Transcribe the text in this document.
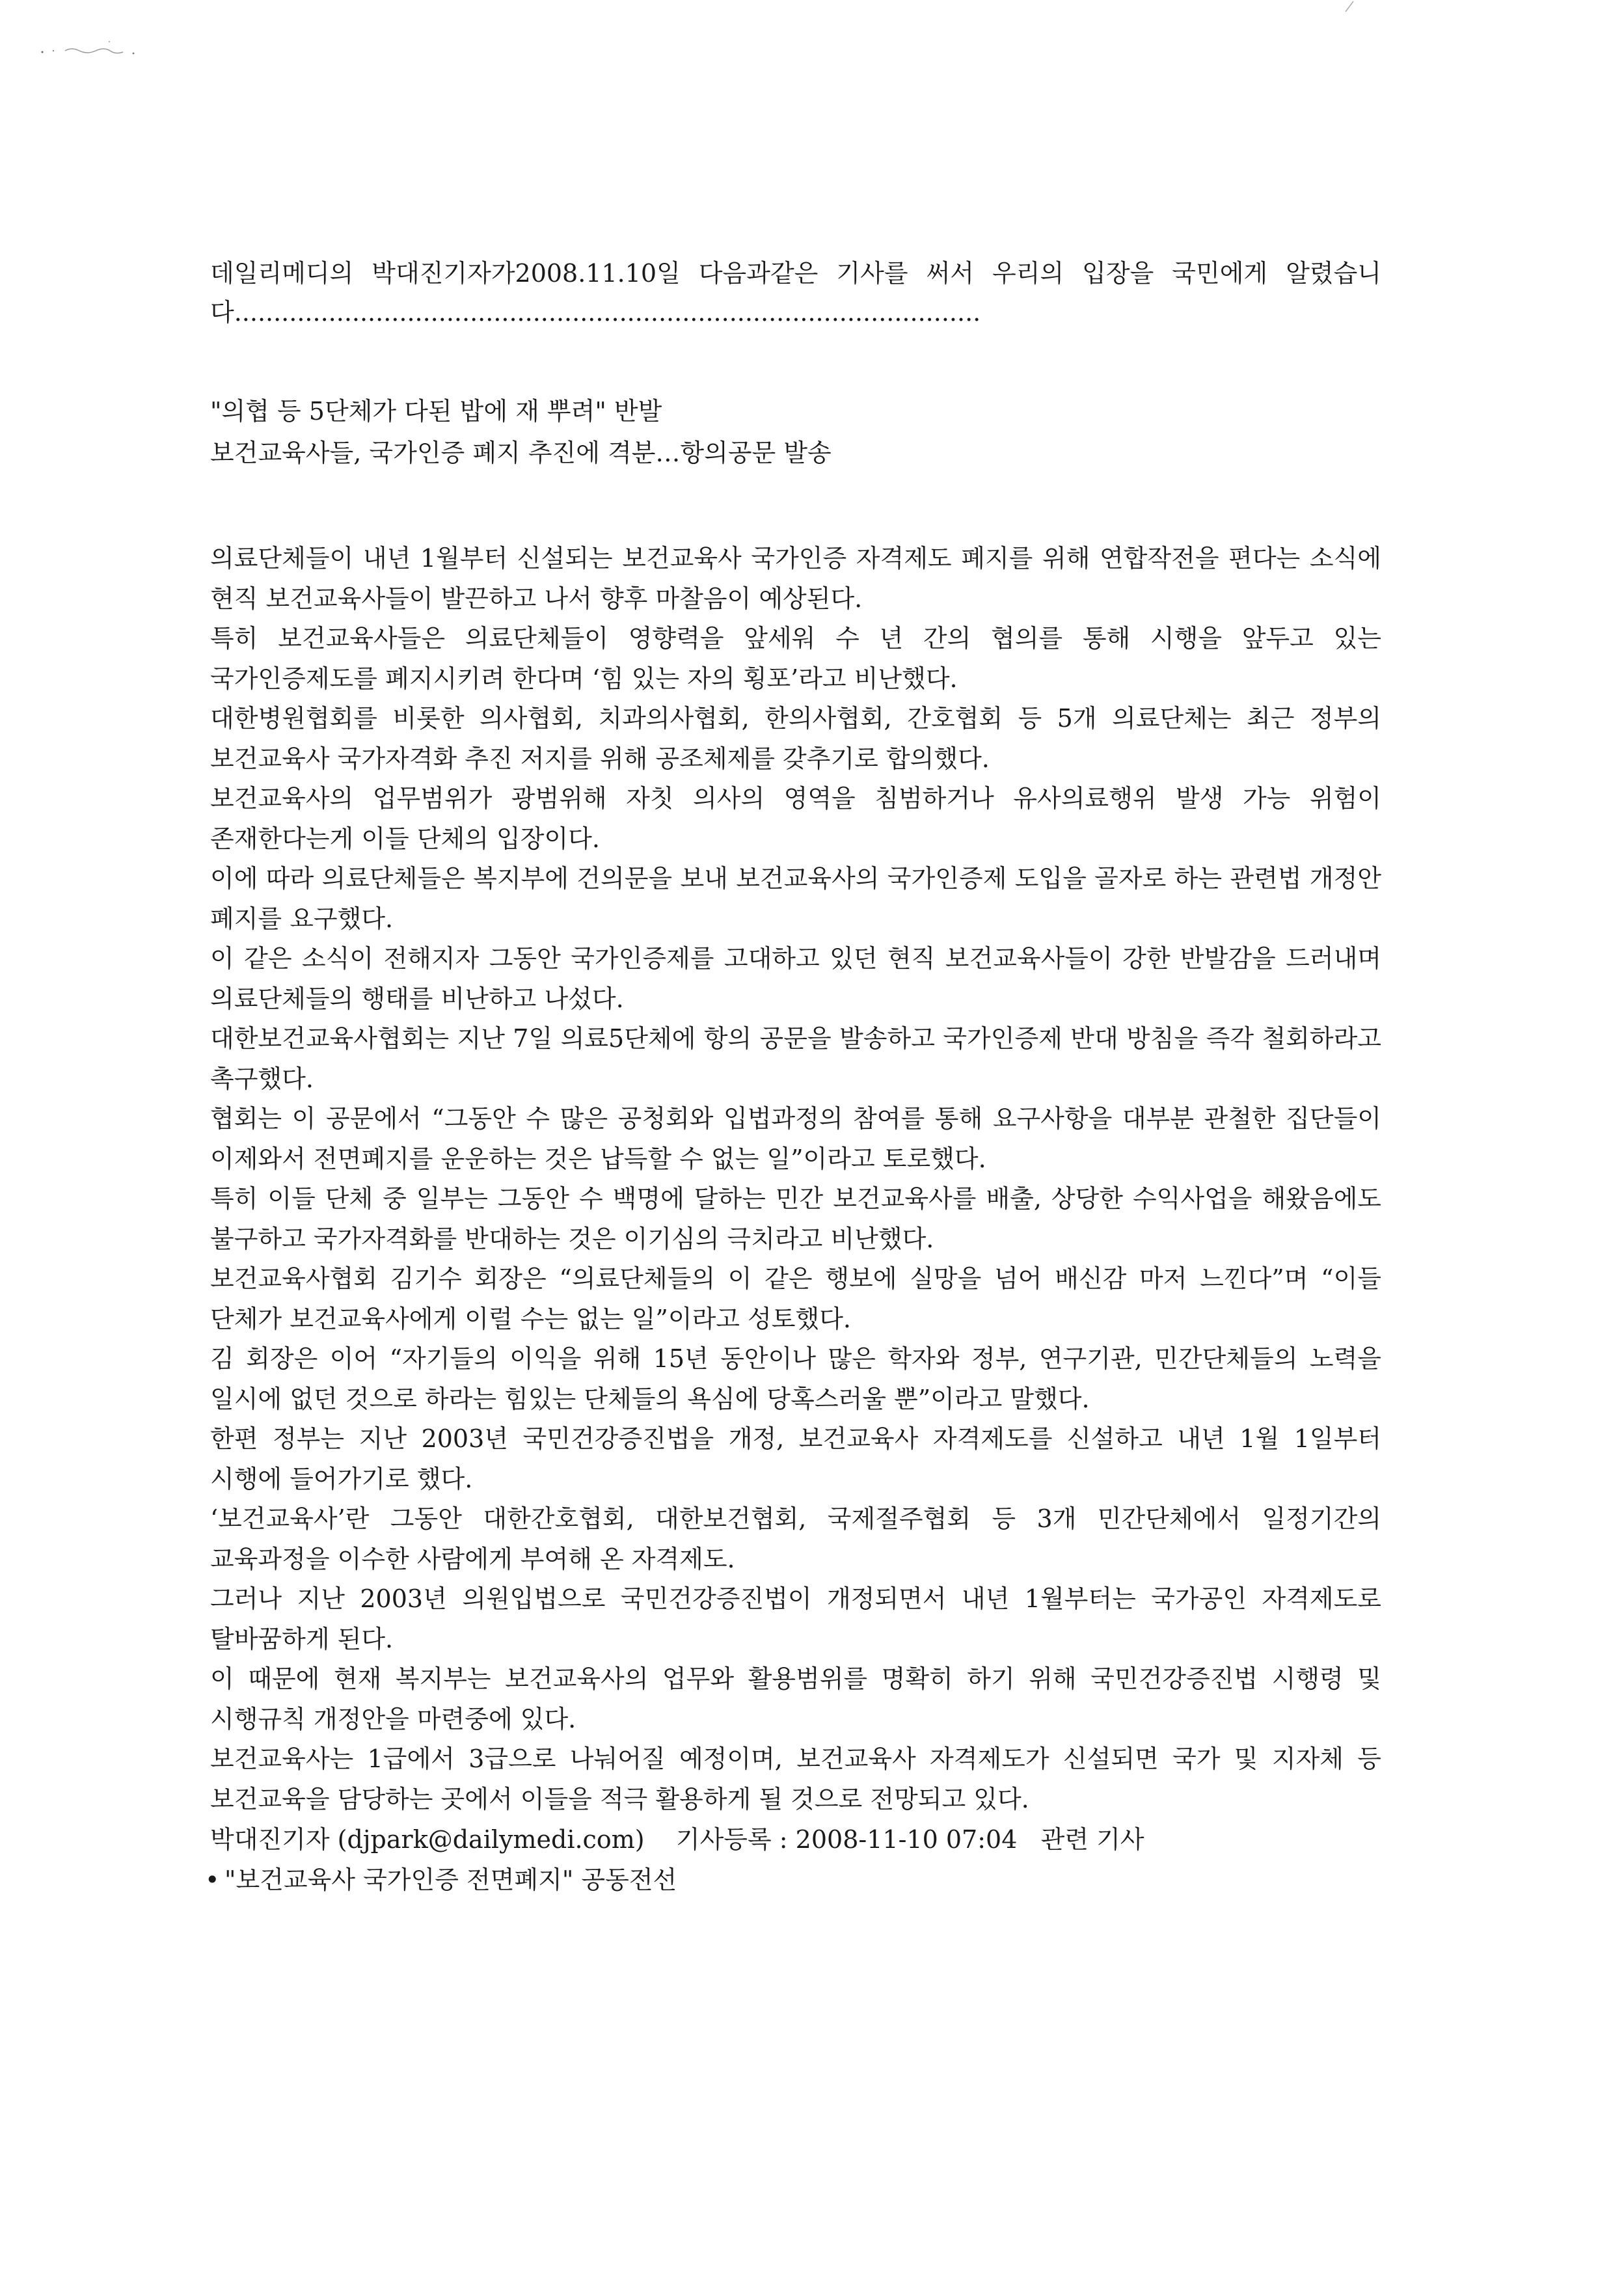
데일리메디의 박대진기자가2008.11.10일 다음과같은 기사를 써서 우리의 입장을 국민에게 알렸습니다...............................................................................................

"의협 등 5단체가 다된 밥에 재 뿌려" 반발

보건교육사들, 국가인증 폐지 추진에 격분…항의공문 발송

의료단체들이 내년 1월부터 신설되는 보건교육사 국가인증 자격제도 폐지를 위해 연합작전을 편다는 소식에 현직 보건교육사들이 발끈하고 나서 향후 마찰음이 예상된다.

특히 보건교육사들은 의료단체들이 영향력을 앞세워 수 년 간의 협의를 통해 시행을 앞두고 있는 국가인증제도를 폐지시키려 한다며 ‘힘 있는 자의 횡포’라고 비난했다.

대한병원협회를 비롯한 의사협회, 치과의사협회, 한의사협회, 간호협회 등 5개 의료단체는 최근 정부의 보건교육사 국가자격화 추진 저지를 위해 공조체제를 갖추기로 합의했다.

보건교육사의 업무범위가 광범위해 자칫 의사의 영역을 침범하거나 유사의료행위 발생 가능 위험이 존재한다는게 이들 단체의 입장이다.

이에 따라 의료단체들은 복지부에 건의문을 보내 보건교육사의 국가인증제 도입을 골자로 하는 관련법 개정안 폐지를 요구했다.

이 같은 소식이 전해지자 그동안 국가인증제를 고대하고 있던 현직 보건교육사들이 강한 반발감을 드러내며 의료단체들의 행태를 비난하고 나섰다.

대한보건교육사협회는 지난 7일 의료5단체에 항의 공문을 발송하고 국가인증제 반대 방침을 즉각 철회하라고 촉구했다.

협회는 이 공문에서 “그동안 수 많은 공청회와 입법과정의 참여를 통해 요구사항을 대부분 관철한 집단들이 이제와서 전면폐지를 운운하는 것은 납득할 수 없는 일”이라고 토로했다.

특히 이들 단체 중 일부는 그동안 수 백명에 달하는 민간 보건교육사를 배출, 상당한 수익사업을 해왔음에도 불구하고 국가자격화를 반대하는 것은 이기심의 극치라고 비난했다.

보건교육사협회 김기수 회장은 “의료단체들의 이 같은 행보에 실망을 넘어 배신감 마저 느낀다”며 “이들 단체가 보건교육사에게 이럴 수는 없는 일”이라고 성토했다.

김 회장은 이어 “자기들의 이익을 위해 15년 동안이나 많은 학자와 정부, 연구기관, 민간단체들의 노력을 일시에 없던 것으로 하라는 힘있는 단체들의 욕심에 당혹스러울 뿐”이라고 말했다.

한편 정부는 지난 2003년 국민건강증진법을 개정, 보건교육사 자격제도를 신설하고 내년 1월 1일부터 시행에 들어가기로 했다.

‘보건교육사’란 그동안 대한간호협회, 대한보건협회, 국제절주협회 등 3개 민간단체에서 일정기간의 교육과정을 이수한 사람에게 부여해 온 자격제도.

그러나 지난 2003년 의원입법으로 국민건강증진법이 개정되면서 내년 1월부터는 국가공인 자격제도로 탈바꿈하게 된다.

이 때문에 현재 복지부는 보건교육사의 업무와 활용범위를 명확히 하기 위해 국민건강증진법 시행령 및 시행규칙 개정안을 마련중에 있다.

보건교육사는 1급에서 3급으로 나눠어질 예정이며, 보건교육사 자격제도가 신설되면 국가 및 지자체 등 보건교육을 담당하는 곳에서 이들을 적극 활용하게 될 것으로 전망되고 있다.

박대진기자 (djpark@dailymedi.com)    기사등록 : 2008-11-10 07:04   관련 기사

• "보건교육사 국가인증 전면폐지" 공동전선
